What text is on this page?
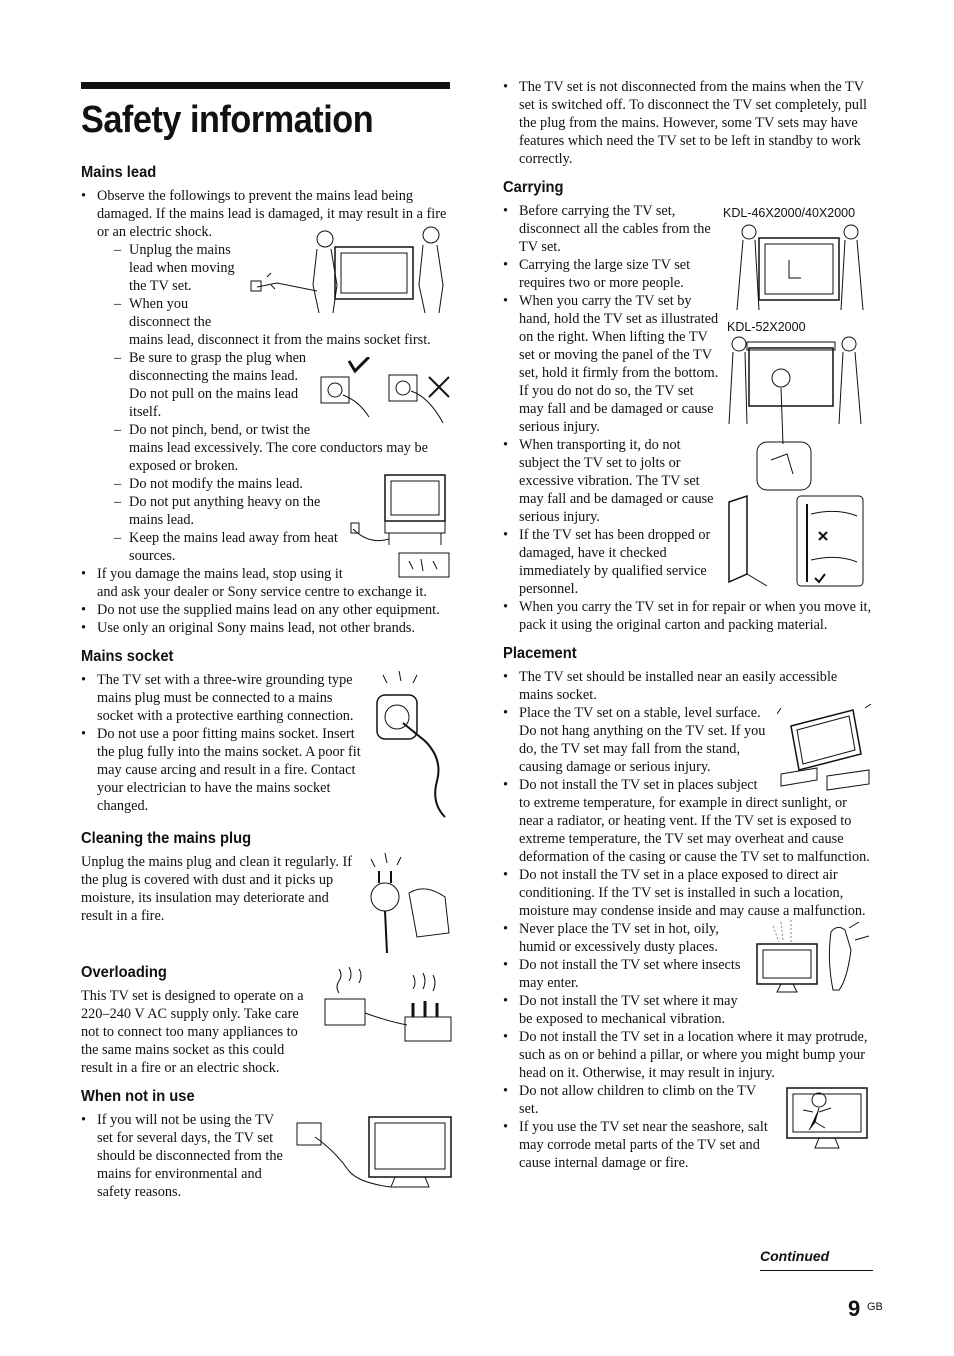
Safety information
Mains lead
• Observe the followings to prevent the mains lead being damaged. If the mains lead is damaged, it may result in a fire or an electric shock.
– Unplug the mains lead when moving the TV set.
– When you disconnect the mains lead, disconnect it from the mains socket first.
– Be sure to grasp the plug when disconnecting the mains lead. Do not pull on the mains lead itself.
– Do not pinch, bend, or twist the mains lead excessively. The core conductors may be exposed or broken.
– Do not modify the mains lead.
– Do not put anything heavy on the mains lead.
– Keep the mains lead away from heat sources.
• If you damage the mains lead, stop using it and ask your dealer or Sony service centre to exchange it.
• Do not use the supplied mains lead on any other equipment.
• Use only an original Sony mains lead, not other brands.
Mains socket
• The TV set with a three-wire grounding type mains plug must be connected to a mains socket with a protective earthing connection.
• Do not use a poor fitting mains socket. Insert the plug fully into the mains socket. A poor fit may cause arcing and result in a fire. Contact your electrician to have the mains socket changed.
Cleaning the mains plug

Unplug the mains plug and clean it regularly. If the plug is covered with dust and it picks up moisture, its insulation may deteriorate and result in a fire.

Overloading

This TV set is designed to operate on a 220–240 V AC supply only. Take care not to connect too many appliances to the same mains socket as this could result in a fire or an electric shock.

When not in use
• If you will not be using the TV set for several days, the TV set should be disconnected from the mains for environmental and safety reasons.
• The TV set is not disconnected from the mains when the TV set is switched off. To disconnect the TV set completely, pull the plug from the mains. However, some TV sets may have features which need the TV set to be left in standby to work correctly.
Carrying
KDL-46X2000/40X2000
KDL-52X2000
• Before carrying the TV set, disconnect all the cables from the TV set.
• Carrying the large size TV set requires two or more people.
• When you carry the TV set by hand, hold the TV set as illustrated on the right. When lifting the TV set or moving the panel of the TV set, hold it firmly from the bottom. If you do not do so, the TV set may fall and be damaged or cause serious injury.
• When transporting it, do not subject the TV set to jolts or excessive vibration. The TV set may fall and be damaged or cause serious injury.
• If the TV set has been dropped or damaged, have it checked immediately by qualified service personnel.
• When you carry the TV set in for repair or when you move it, pack it using the original carton and packing material.
Placement
• The TV set should be installed near an easily accessible mains socket.
• Place the TV set on a stable, level surface. Do not hang anything on the TV set. If you do, the TV set may fall from the stand, causing damage or serious injury.
• Do not install the TV set in places subject to extreme temperature, for example in direct sunlight, or near a radiator, or heating vent. If the TV set is exposed to extreme temperature, the TV set may overheat and cause deformation of the casing or cause the TV set to malfunction.
• Do not install the TV set in a place exposed to direct air conditioning. If the TV set is installed in such a location, moisture may condense inside and may cause a malfunction.
• Never place the TV set in hot, oily, humid or excessively dusty places.
• Do not install the TV set where insects may enter.
• Do not install the TV set where it may be exposed to mechanical vibration.
• Do not install the TV set in a location where it may protrude, such as on or behind a pillar, or where you might bump your head on it. Otherwise, it may result in injury.
• Do not allow children to climb on the TV set.
• If you use the TV set near the seashore, salt may corrode metal parts of the TV set and cause internal damage or fire.
Continued
9 GB
